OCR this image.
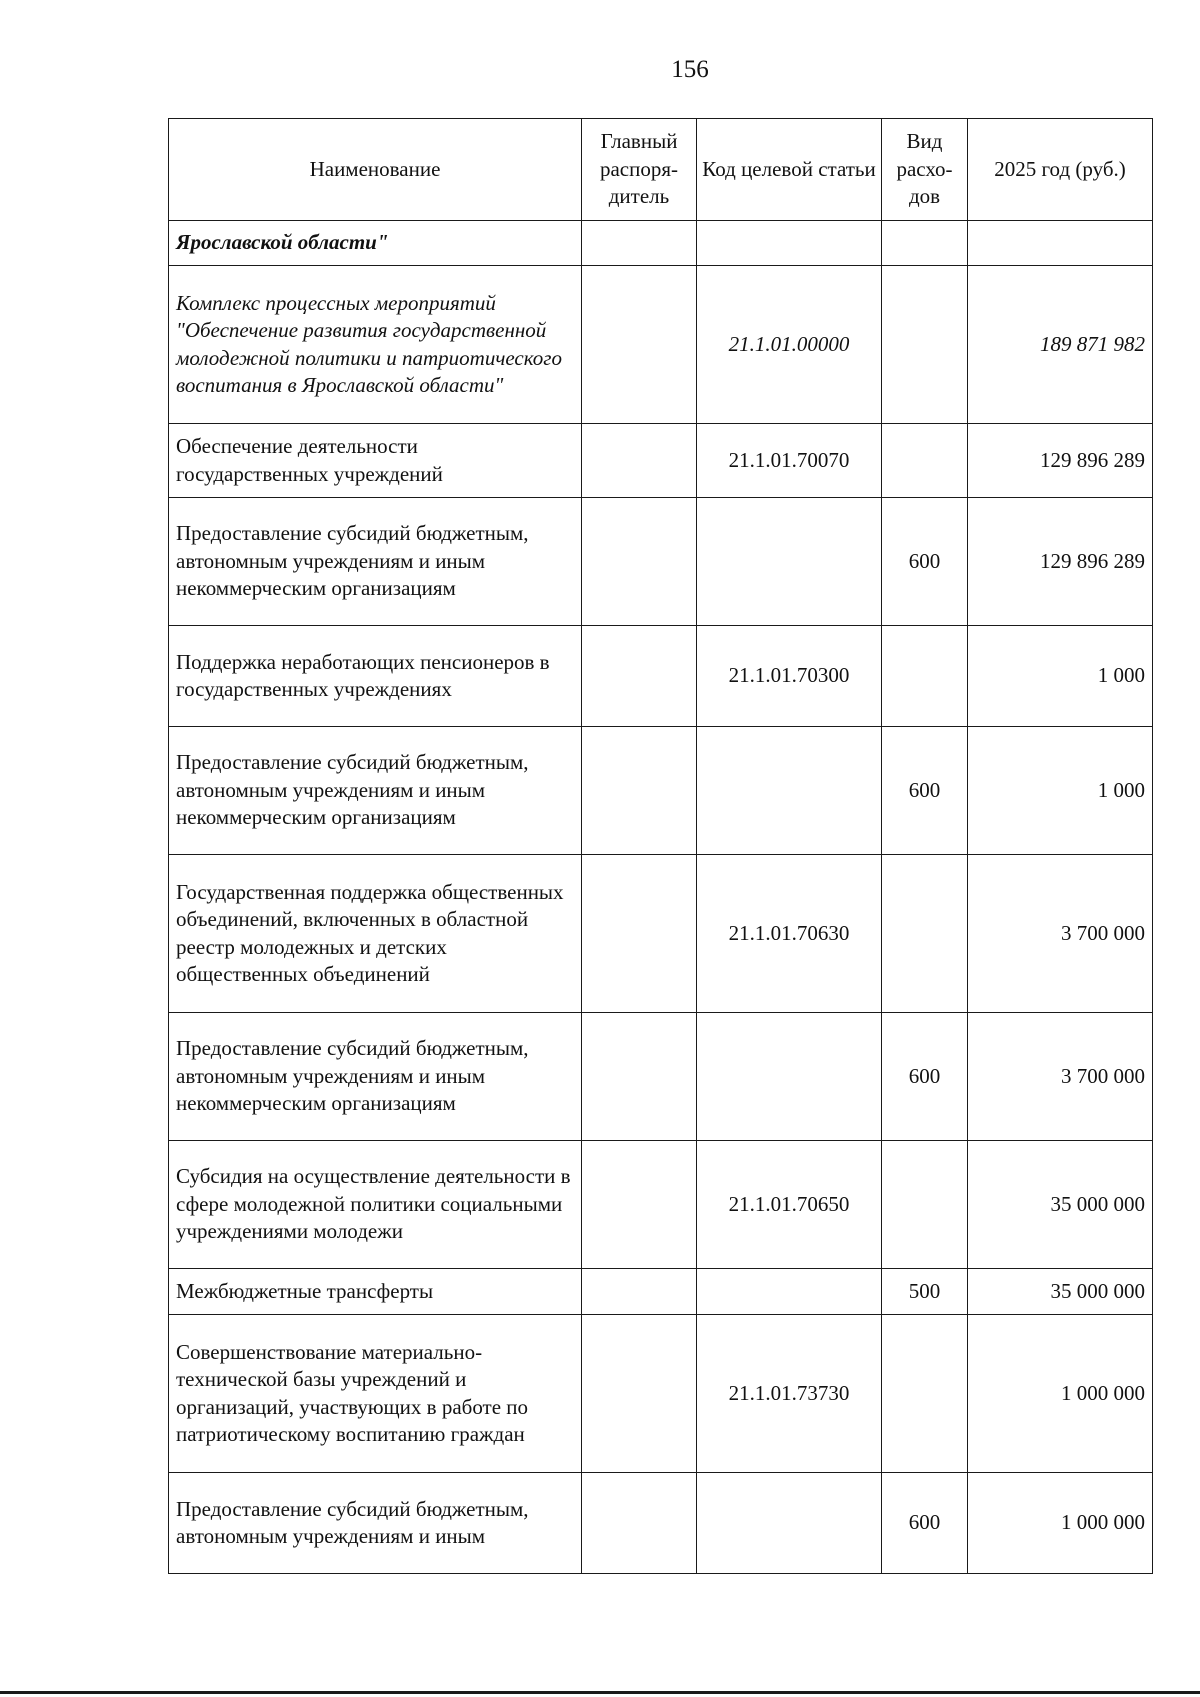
156
Наименование	Главный распоря-дитель	Код целевой статьи	Вид расхо-дов	2025 год (руб.)
Ярославской области"				
Комплекс процессных мероприятий "Обеспечение развития государственной молодежной политики и патриотического воспитания в Ярославской области"		21.1.01.00000		189 871 982
Обеспечение деятельности государственных учреждений		21.1.01.70070		129 896 289
Предоставление субсидий бюджетным, автономным учреждениям и иным некоммерческим организациям			600	129 896 289
Поддержка неработающих пенсионеров в государственных учреждениях		21.1.01.70300		1 000
Предоставление субсидий бюджетным, автономным учреждениям и иным некоммерческим организациям			600	1 000
Государственная поддержка общественных объединений, включенных в областной реестр молодежных и детских общественных объединений		21.1.01.70630		3 700 000
Предоставление субсидий бюджетным, автономным учреждениям и иным некоммерческим организациям			600	3 700 000
Субсидия на осуществление деятельности в сфере молодежной политики социальными учреждениями молодежи		21.1.01.70650		35 000 000
Межбюджетные трансферты			500	35 000 000
Совершенствование материально-технической базы учреждений и организаций, участвующих в работе по патриотическому воспитанию граждан		21.1.01.73730		1 000 000
Предоставление субсидий бюджетным, автономным учреждениям и иным			600	1 000 000
